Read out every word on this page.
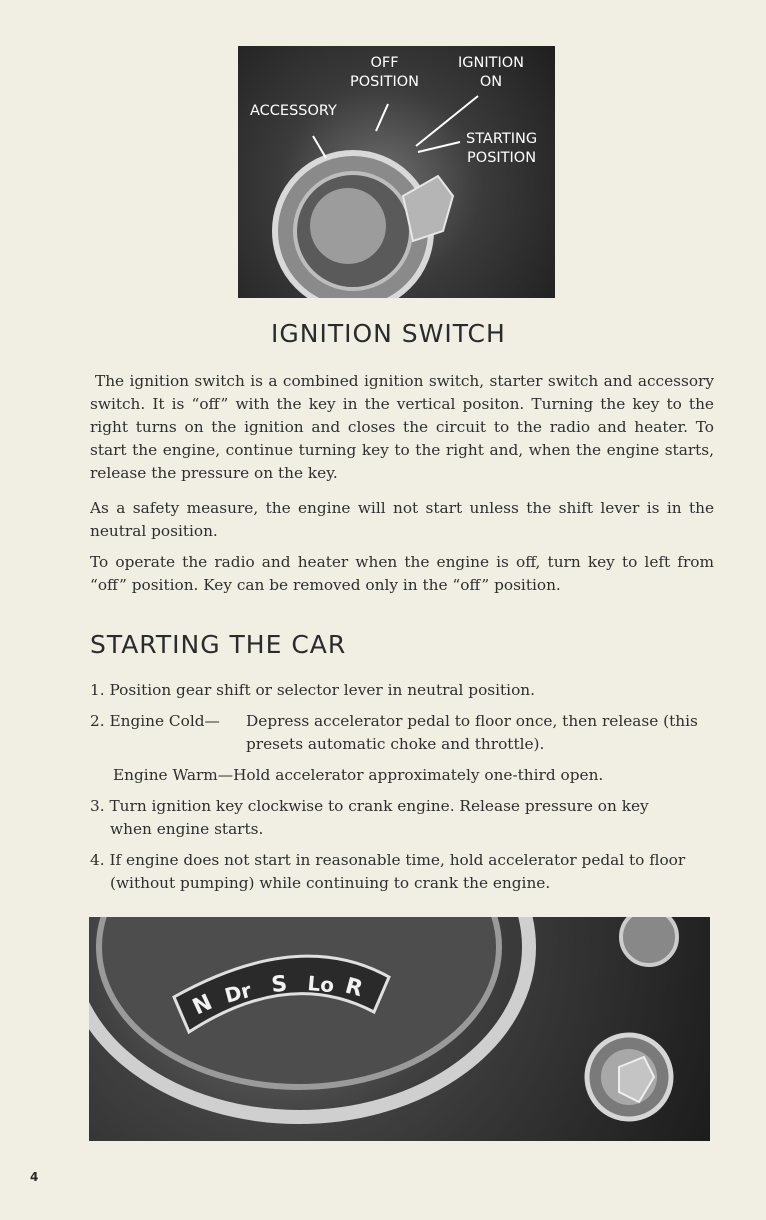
OFF
POSITION
IGNITION
ON
ACCESSORY
STARTING
POSITION
IGNITION SWITCH

The ignition switch is a combined ignition switch, starter switch and accessory switch. It is “off” with the key in the vertical positon. Turning the key to the right turns on the ignition and closes the circuit to the radio and heater. To start the engine, continue turning key to the right and, when the engine starts, release the pressure on the key.

As a safety measure, the engine will not start unless the shift lever is in the neutral position.

To operate the radio and heater when the engine is off, turn key to left from “off” position. Key can be removed only in the “off” position.

STARTING THE CAR
1. Position gear shift or selector lever in neutral position.
2. Engine Cold— Depress accelerator pedal to floor once, then release (this
presets automatic choke and throttle).
Engine Warm—Hold accelerator approximately one-third open.
3. Turn ignition key clockwise to crank engine. Release pressure on key
when engine starts.
4. If engine does not start in reasonable time, hold accelerator pedal to floor
(without pumping) while continuing to crank the engine.
N Dr S Lo R
4
